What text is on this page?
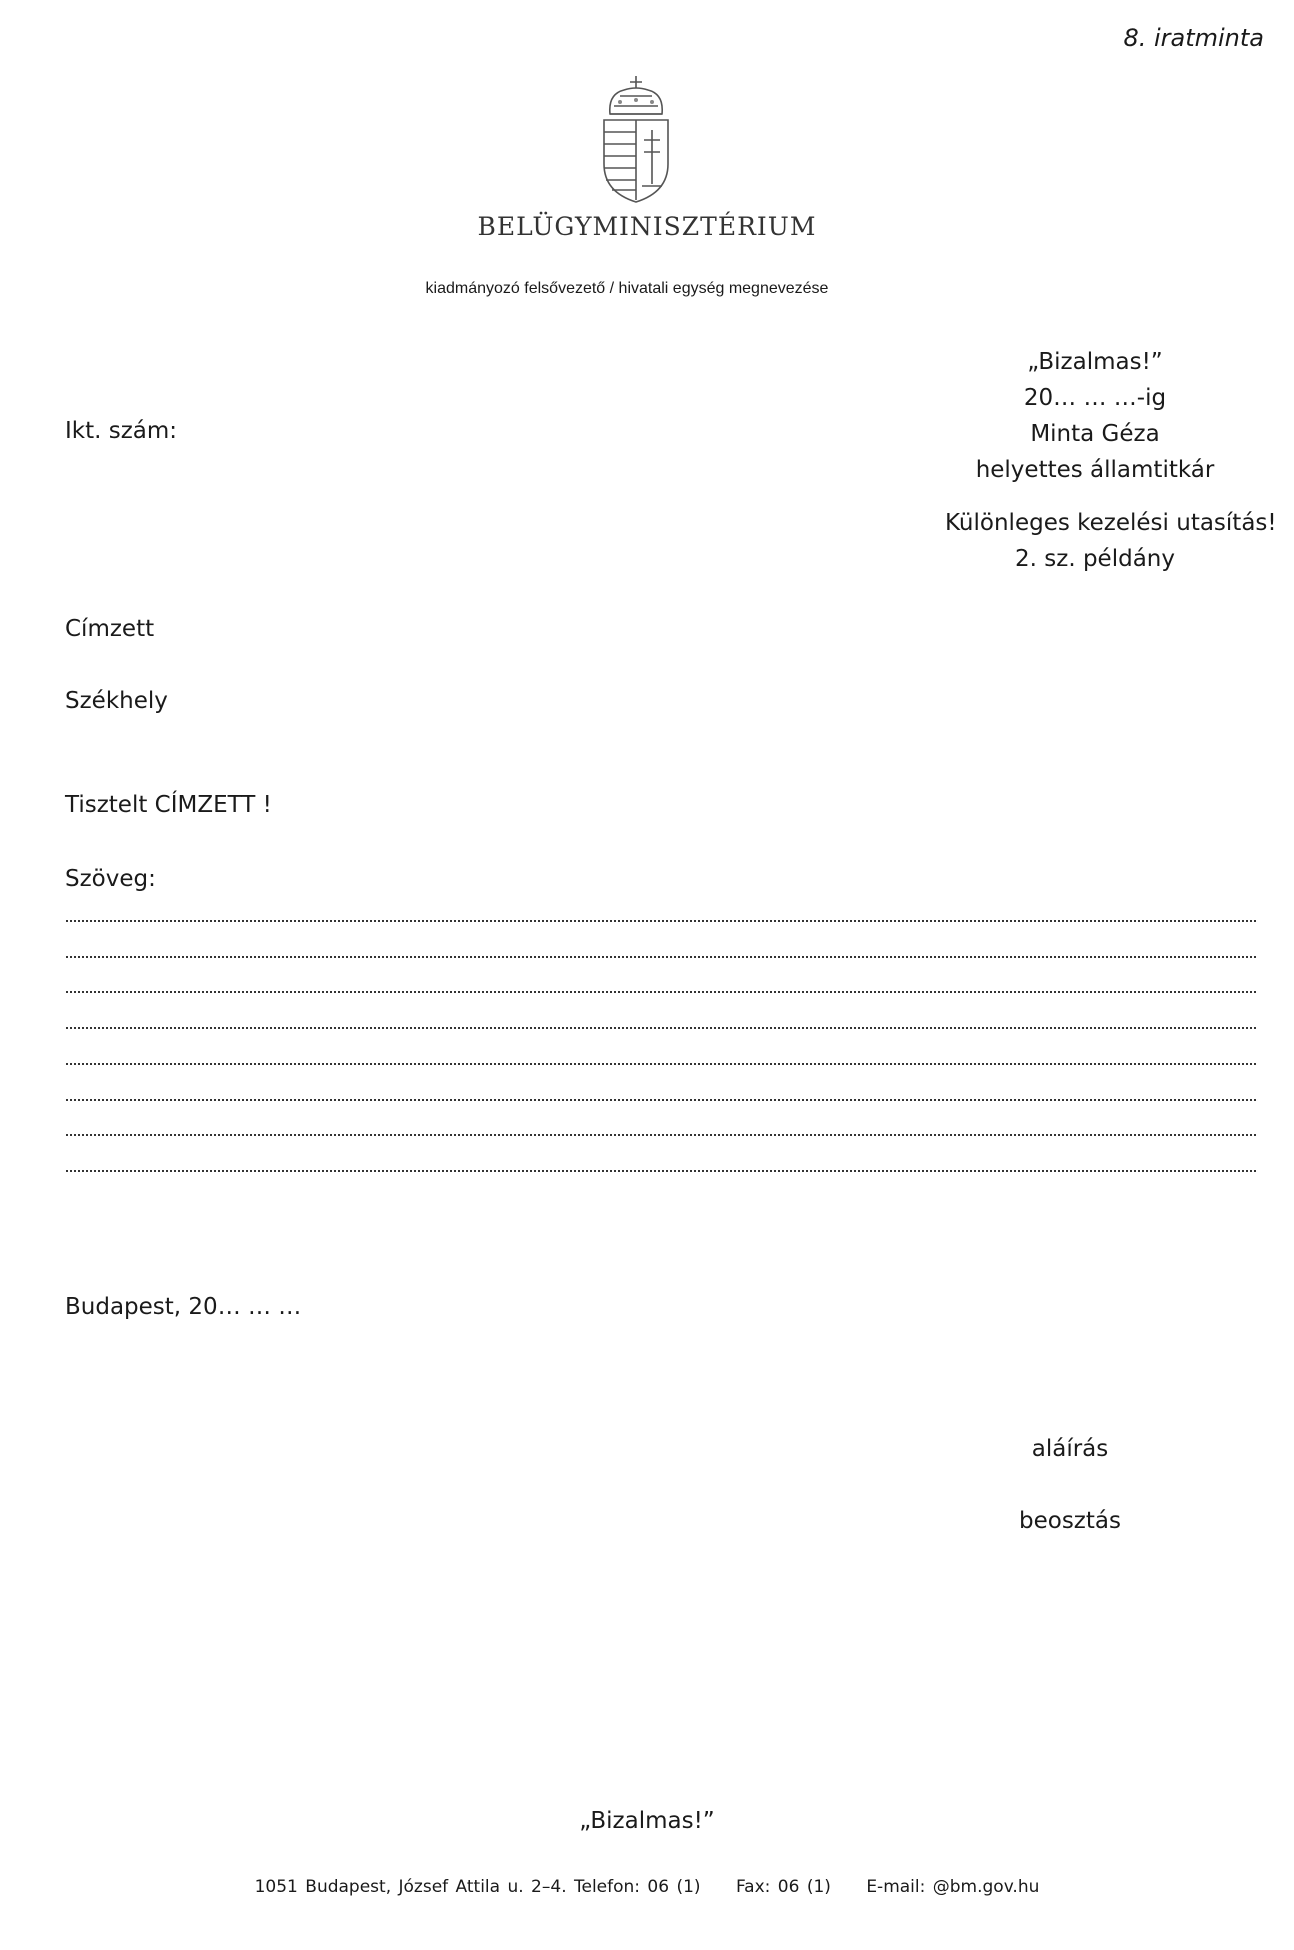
8. iratminta
BELÜGYMINISZTÉRIUM
kiadmányozó felsővezető / hivatali egység megnevezése
Ikt. szám:
„Bizalmas!”
20… … …-ig
Minta Géza
helyettes államtitkár
Különleges kezelési utasítás!
2. sz. példány
Címzett
Székhely
Tisztelt CÍMZETT !
Szöveg:
Budapest, 20… … …
aláírás
beosztás
„Bizalmas!”
1051 Budapest, József Attila u. 2–4. Telefon: 06 (1) Fax: 06 (1) E-mail: @bm.gov.hu
